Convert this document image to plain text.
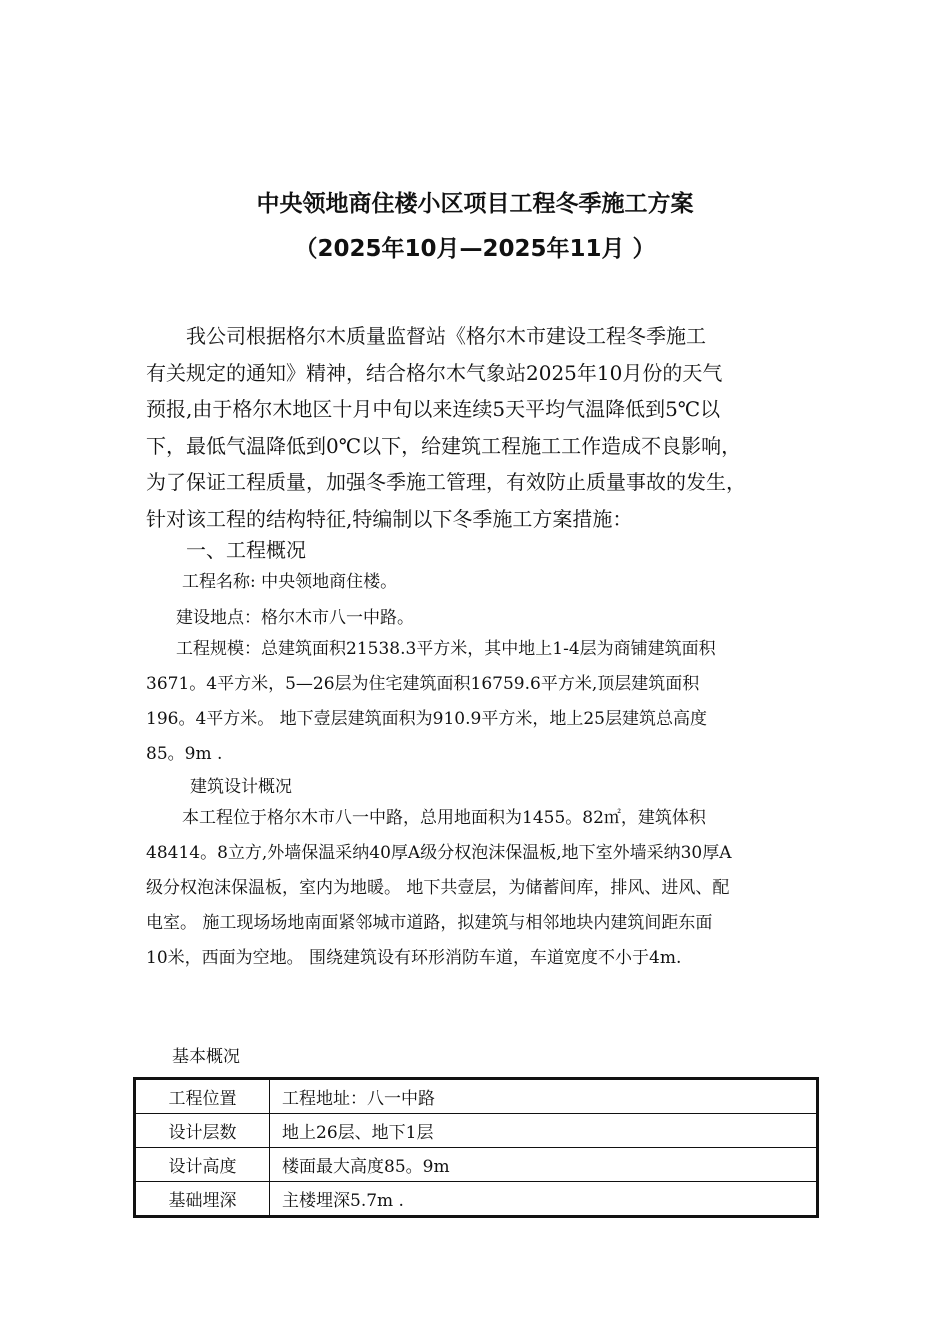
中央领地商住楼小区项目工程冬季施工方案
（2025年10月—2025年11月 ）
　　我公司根据格尔木质量监督站《格尔木市建设工程冬季施工
有关规定的通知》精神，结合格尔木气象站2025年10月份的天气
预报,由于格尔木地区十月中旬以来连续5天平均气温降低到5℃以
下，最低气温降低到0℃以下，给建筑工程施工工作造成不良影响，
为了保证工程质量，加强冬季施工管理，有效防止质量事故的发生，
针对该工程的结构特征,特编制以下冬季施工方案措施：
一、工程概况
工程名称: 中央领地商住楼。
建设地点：格尔木市八一中路。
工程规模：总建筑面积21538.3平方米，其中地上1-4层为商铺建筑面积
3671。4平方米，5—26层为住宅建筑面积16759.6平方米,顶层建筑面积
196。4平方米。 地下壹层建筑面积为910.9平方米，地上25层建筑总高度
85。9m .
建筑设计概况
本工程位于格尔木市八一中路，总用地面积为1455。82㎡，建筑体积
48414。8立方,外墙保温采纳40厚A级分权泡沫保温板,地下室外墙采纳30厚A
级分权泡沫保温板，室内为地暖。 地下共壹层，为储蓄间库，排风、进风、配
电室。 施工现场场地南面紧邻城市道路，拟建筑与相邻地块内建筑间距东面
10米，西面为空地。 围绕建筑设有环形消防车道，车道宽度不小于4m.
基本概况
工程位置	工程地址：八一中路
设计层数	地上26层、地下1层
设计高度	楼面最大高度85。9m
基础埋深	主楼埋深5.7m .
